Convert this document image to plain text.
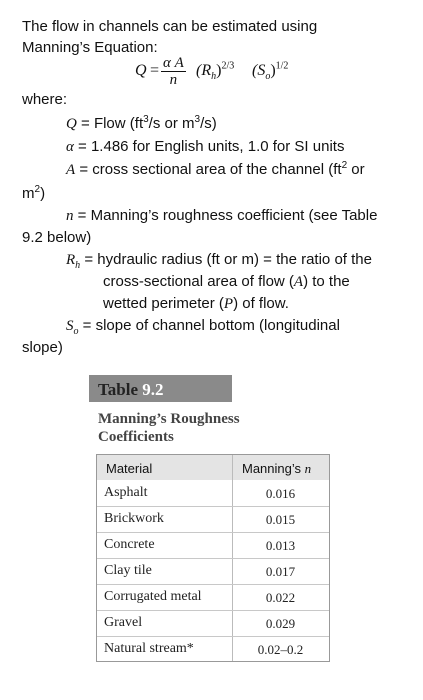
The flow in channels can be estimated using
Manning’s Equation:
$Q = \frac{\text{α A}}{n} (R_h)^{2/3}$ $(S_o)^{1/2}$
where:
Q = Flow ($ft^3/s$ or $m^3/s$)
α = 1.486 for English units, 1.0 for SI units
A = cross sectional area of the channel ($ft^2$ or
$m^2$)
n = Manning’s roughness coefficient (see Table
9.2 below)
$R_h$ = hydraulic radius (ft or m) = the ratio of the
cross-sectional area of flow (A) to the
wetted perimeter (P) of flow.
$S_o$ = slope of channel bottom (longitudinal
slope)
Table 9.2
Manning’s Roughness
Coefficients
Material	Manning’s n
Asphalt	0.016
Brickwork	0.015
Concrete	0.013
Clay tile	0.017
Corrugated metal	0.022
Gravel	0.029
Natural stream*	0.02–0.2
